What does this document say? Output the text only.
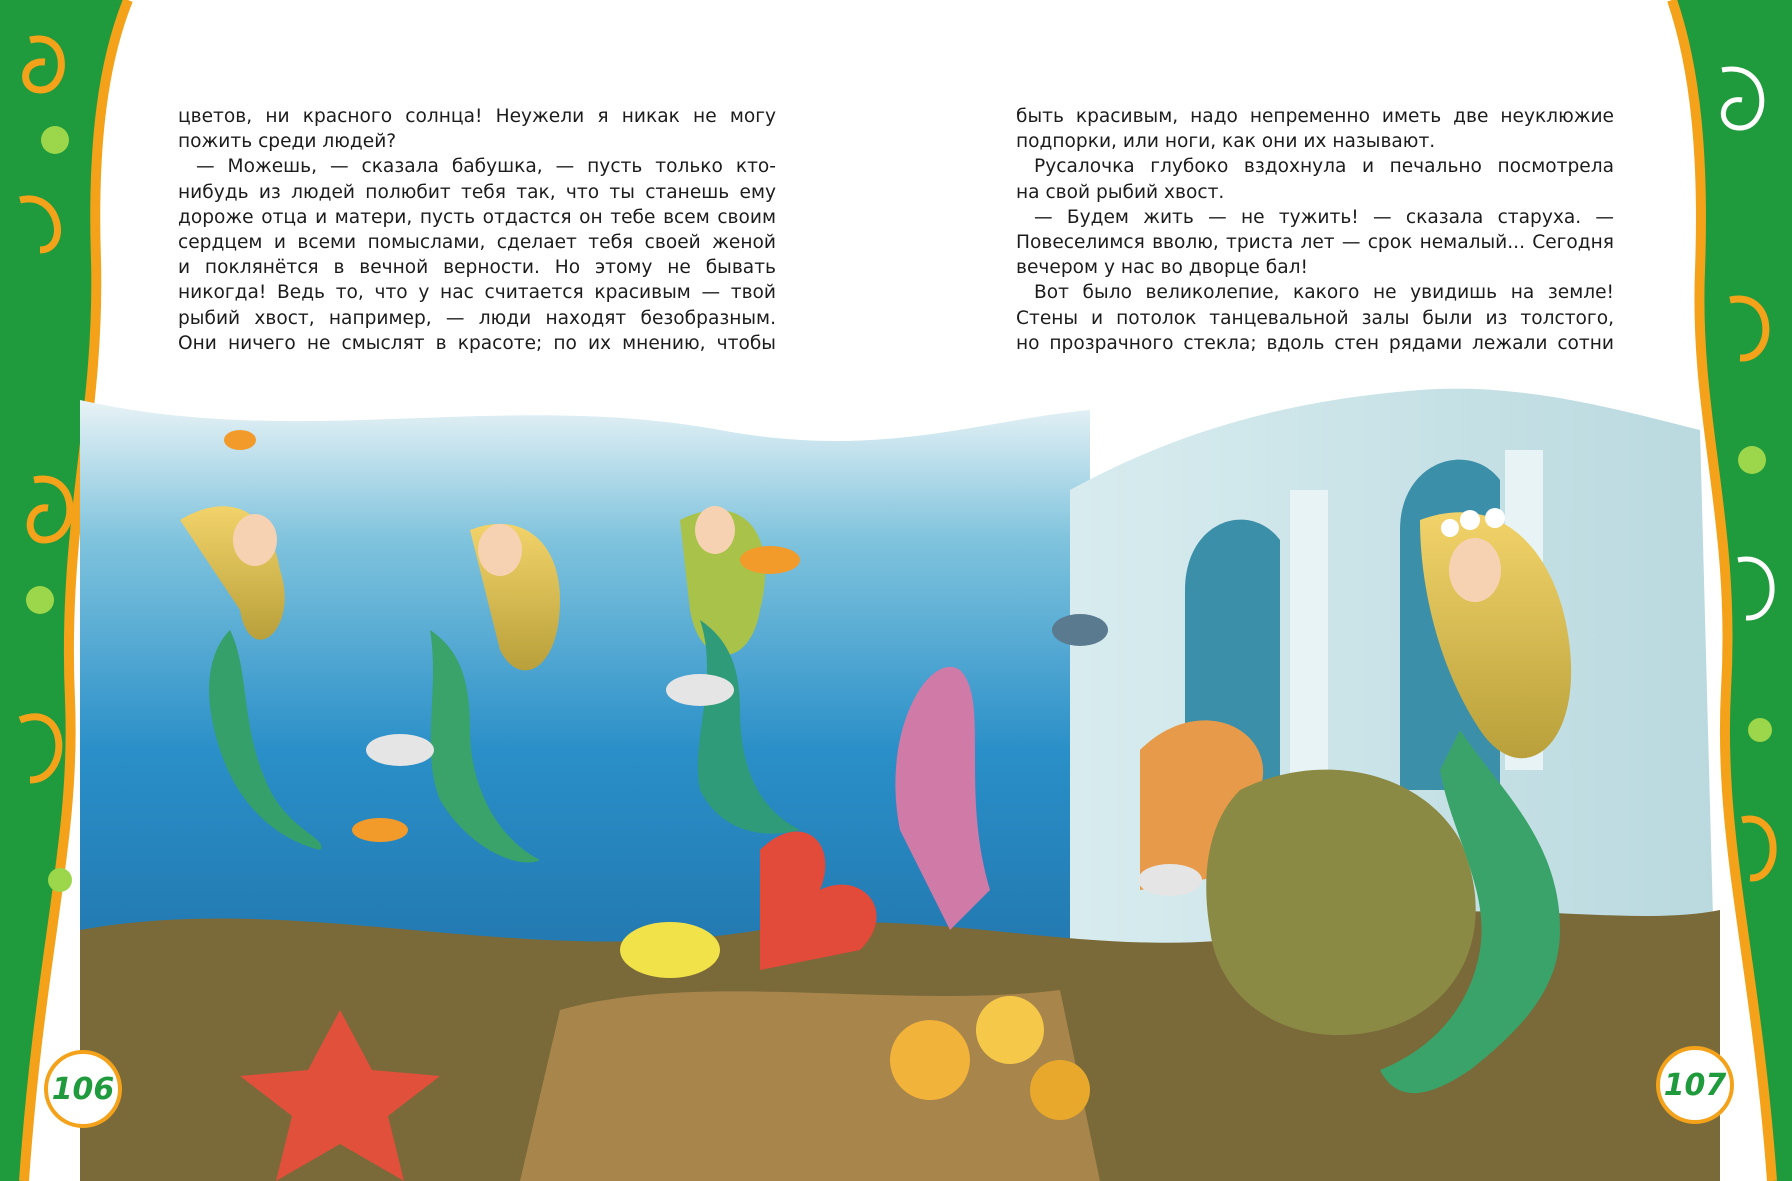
цветов, ни красного солнца! Неужели я никак не могу
пожить среди людей?
— Можешь, — сказала бабушка, — пусть только кто-
нибудь из людей полюбит тебя так, что ты станешь ему
дороже отца и матери, пусть отдастся он тебе всем своим
сердцем и всеми помыслами, сделает тебя своей женой
и поклянётся в вечной верности. Но этому не бывать
никогда! Ведь то, что у нас считается красивым — твой
рыбий хвост, например, — люди находят безобразным.
Они ничего не смыслят в красоте; по их мнению, чтобы
быть красивым, надо непременно иметь две неуклюжие
подпорки, или ноги, как они их называют.
Русалочка глубоко вздохнула и печально посмотрела
на свой рыбий хвост.
— Будем жить — не тужить! — сказала старуха. —
Повеселимся вволю, триста лет — срок немалый... Сегодня
вечером у нас во дворце бал!
Вот было великолепие, какого не увидишь на земле!
Стены и потолок танцевальной залы были из толстого,
но прозрачного стекла; вдоль стен рядами лежали сотни
106	107
